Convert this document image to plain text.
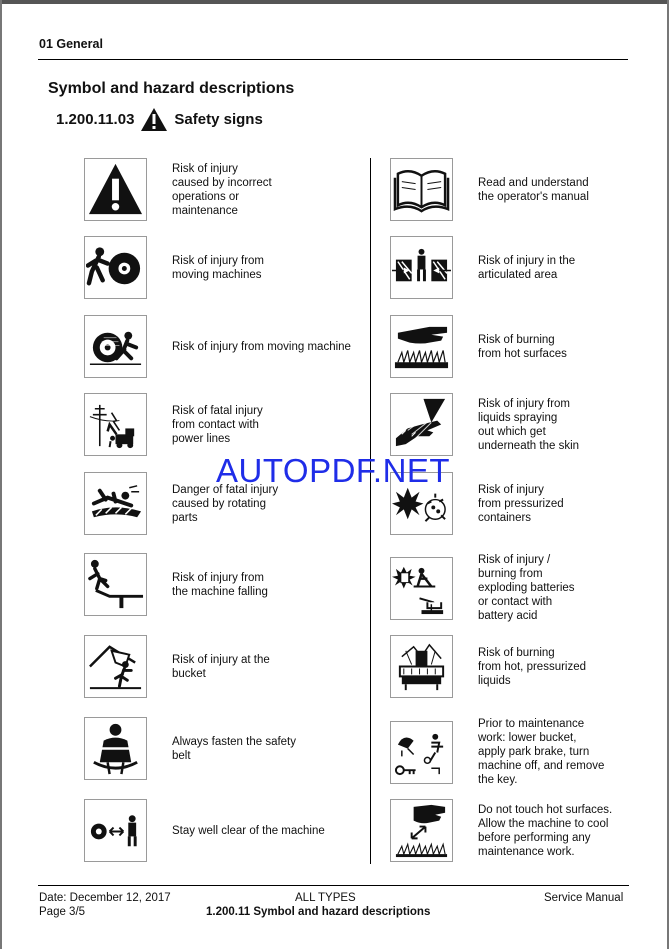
01 General
Symbol and hazard descriptions
1.200.11.03	Safety signs
Risk of injury
caused by incorrect
operations or
maintenance
Risk of injury from
moving machines
Risk of injury from moving machine
Risk of fatal injury
from contact with
power lines
Danger of fatal injury
caused by rotating
parts
Risk of injury from
the machine falling
Risk of injury at the
bucket
Always fasten the safety
belt
Stay well clear of the machine
Read and understand
the operator's manual
Risk of injury in the
articulated area
Risk of burning
from hot surfaces
Risk of injury from
liquids spraying
out which get
underneath the skin
Risk of injury
from pressurized
containers
Risk of injury /
burning from
exploding batteries
or contact with
battery acid
Risk of burning
from hot, pressurized
liquids
Prior to maintenance
work: lower bucket,
apply park brake, turn
machine off, and remove
the key.
Do not touch hot surfaces.
Allow the machine to cool
before performing any
maintenance work.
AUTOPDF.NET
Date: December 12, 2017
Page 3/5
ALL TYPES
1.200.11 Symbol and hazard descriptions
Service Manual
